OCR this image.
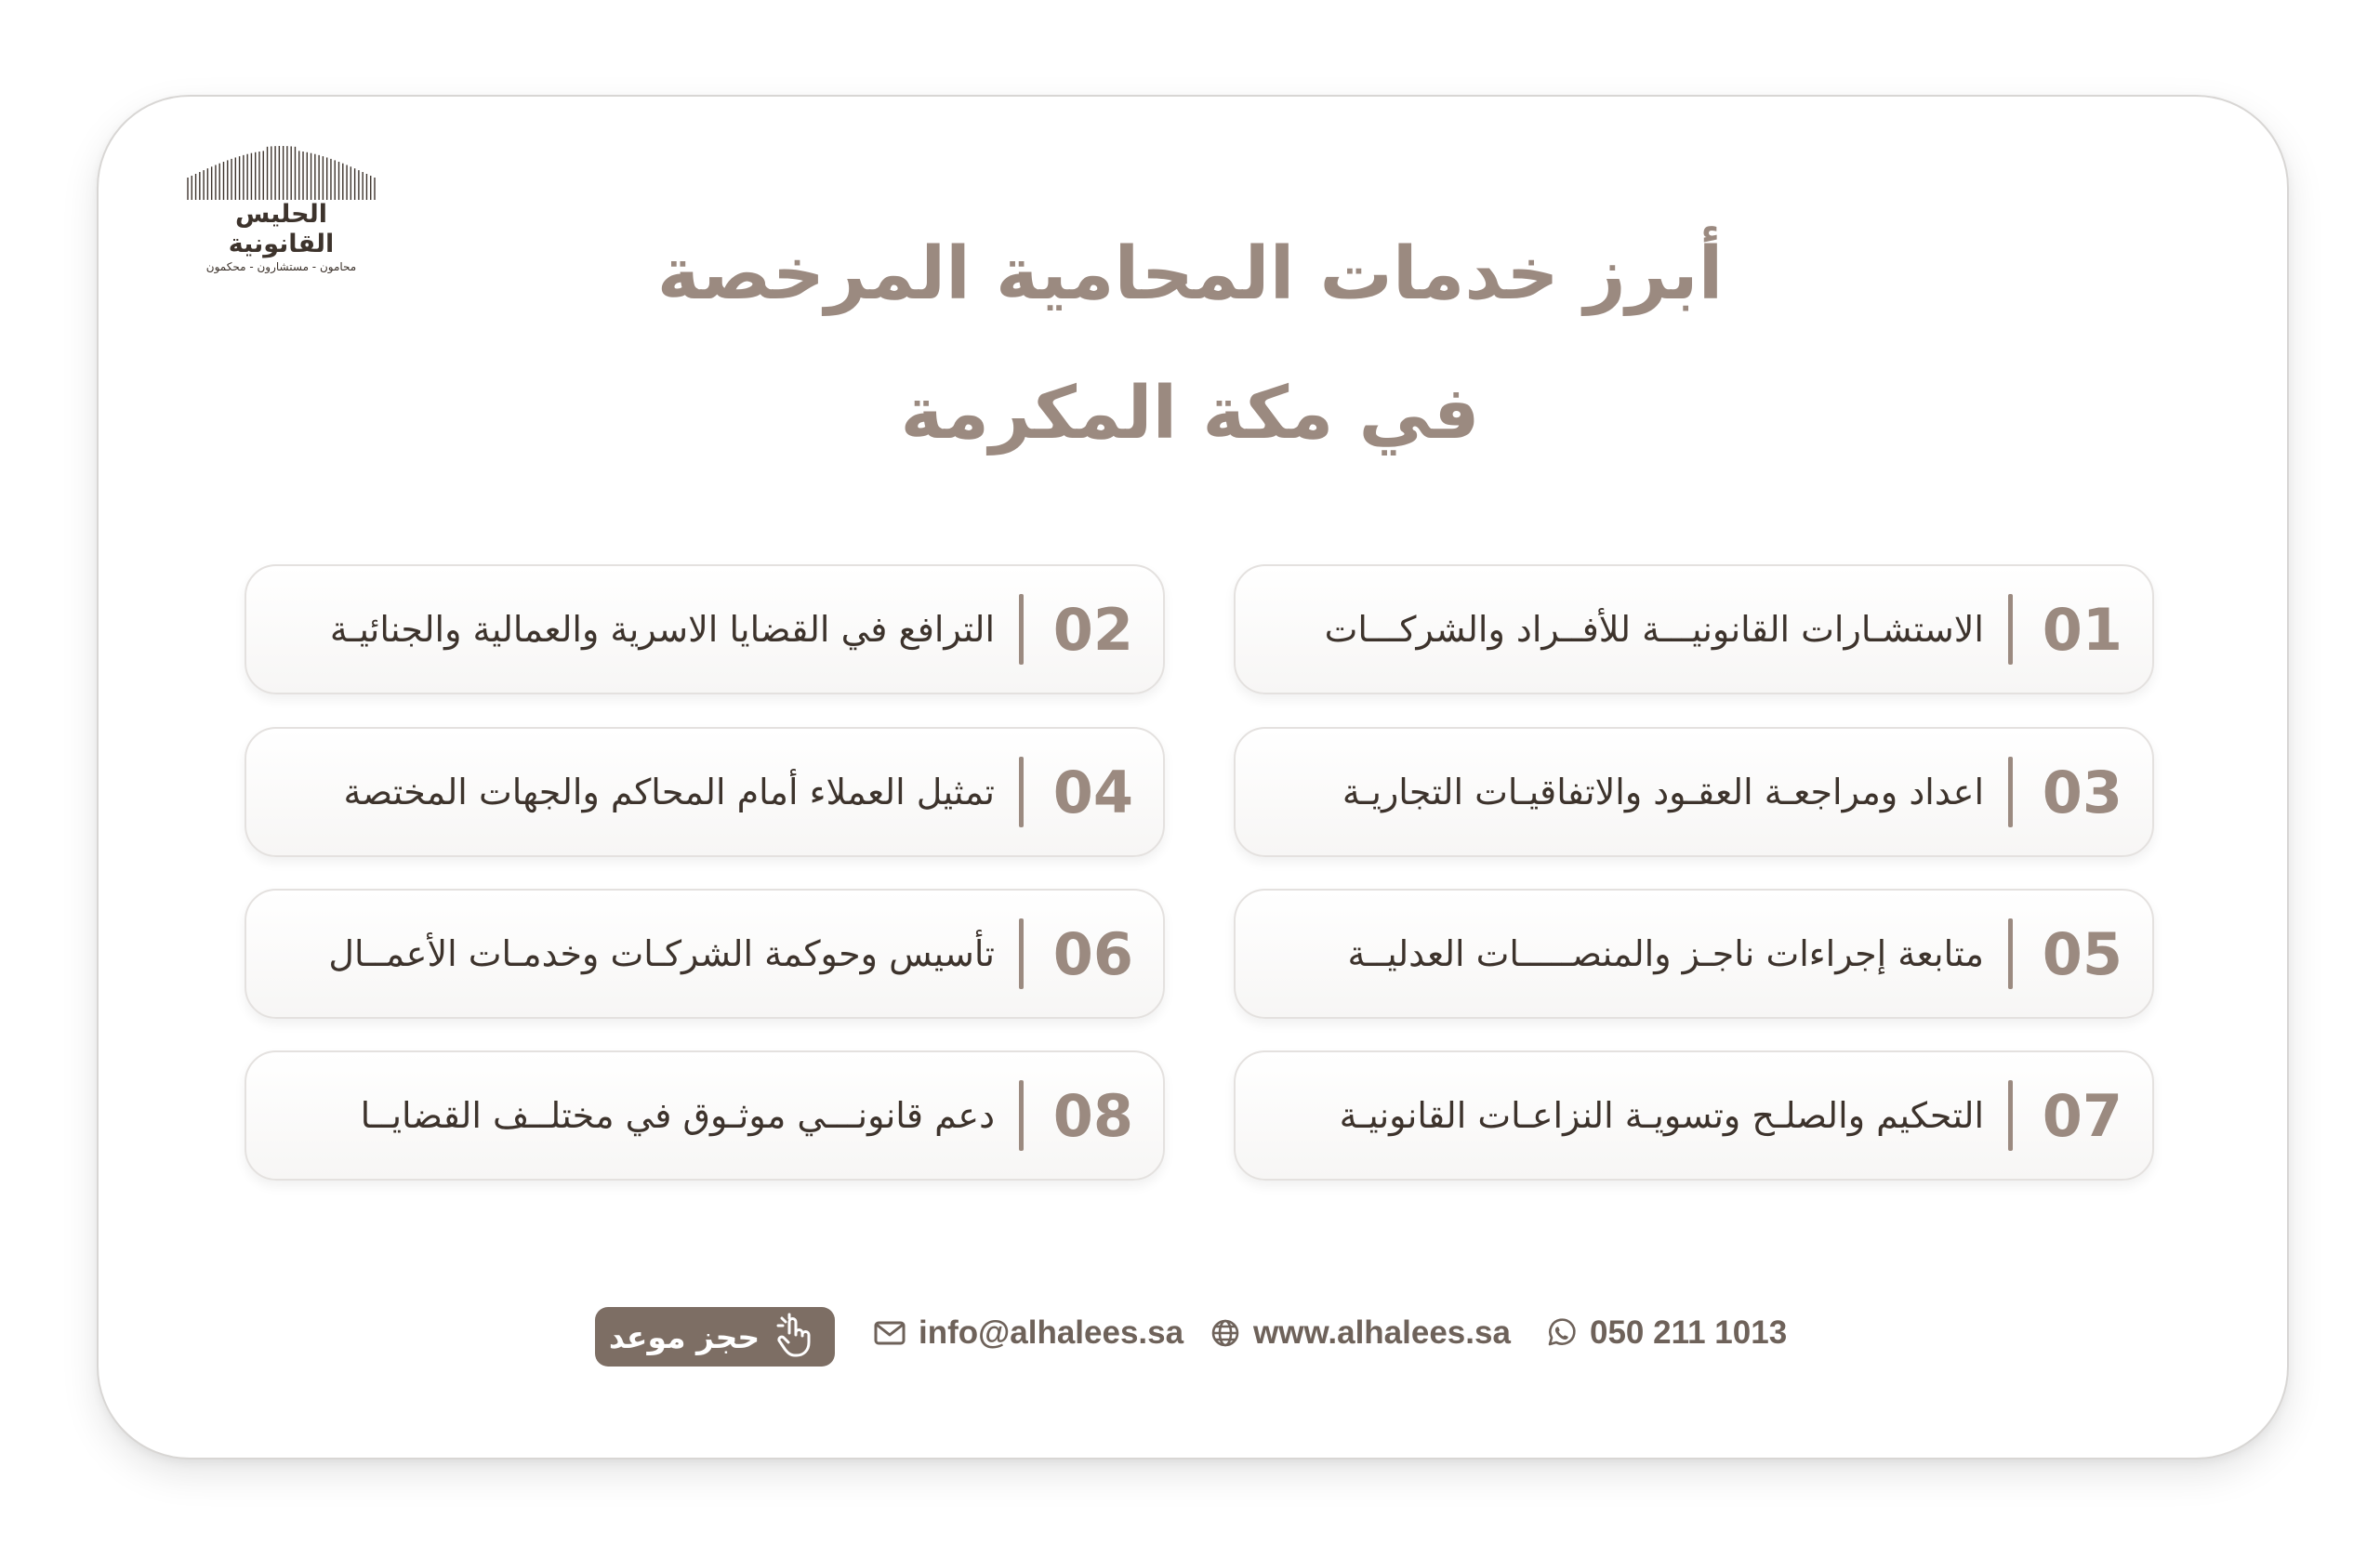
الحليس القانونية
محامون - مستشارون - محكمون	أبرز خدمات المحامية المرخصة
في مكة المكرمة
01
الاستشـارات القانونيـــة للأفــراد والشركـــات
02
الترافع في القضايا الاسرية والعمالية والجنائيـة
03
اعداد ومراجعـة العقـود والاتفاقيـات التجاريـة
04
تمثيل العملاء أمام المحاكم والجهات المختصة
05
متابعة إجراءات ناجـز والمنصـــــات العدليــة
06
تأسيس وحوكمة الشركـات وخدمـات الأعمــال
07
التحكيم والصلـح وتسويـة النزاعـات القانونيـة
08
دعم قانونـــي موثـوق في مختلــف القضايــا
حجز موعد	info@alhalees.sa www.alhalees.sa 050 211 1013
